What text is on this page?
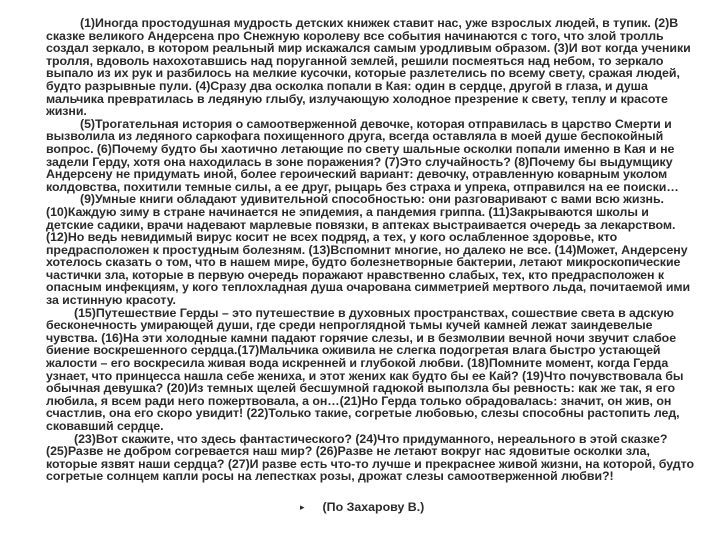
(1)Иногда простодушная мудрость детских книжек ставит нас, уже взрослых людей, в тупик. (2)В сказке великого Андерсена про Снежную королеву все события начинаются с того, что злой тролль создал зеркало, в котором реальный мир искажался самым уродливым образом. (3)И вот когда ученики тролля, вдоволь нахохотавшись над поруганной землей, решили посмеяться над небом, то зеркало выпало из их рук и разбилось на мелкие кусочки, которые разлетелись по всему свету, сражая людей, будто разрывные пули. (4)Сразу два осколка попали в Кая: один в сердце, другой в глаза, и душа мальчика превратилась в ледяную глыбу, излучающую холодное презрение к свету, теплу и красоте жизни.

(5)Трогательная история о самоотверженной девочке, которая отправилась в царство Смерти и вызволила из ледяного саркофага похищенного друга, всегда оставляла в моей душе беспокойный вопрос. (6)Почему будто бы хаотично летающие по свету шальные осколки попали именно в Кая и не задели Герду, хотя она находилась в зоне поражения? (7)Это случайность? (8)Почему бы выдумщику Андерсену не придумать иной, более героический вариант: девочку, отравленную коварным уколом колдовства, похитили темные силы, а ее друг, рыцарь без страха и упрека, отправился на ее поиски…

(9)Умные книги обладают удивительной способностью: они разговаривают с вами всю жизнь. (10)Каждую зиму в стране начинается не эпидемия, а пандемия гриппа. (11)Закрываются школы и детские садики, врачи надевают марлевые повязки, в аптеках выстраивается очередь за лекарством. (12)Но ведь невидимый вирус косит не всех подряд, а тех, у кого ослабленное здоровье, кто предрасположен к простудным болезням. (13)Вспомнит многие, но далеко не все. (14)Может, Андерсену хотелось сказать о том, что в нашем мире, будто болезнетворные бактерии, летают микроскопические частички зла, которые в первую очередь поражают нравственно слабых, тех, кто предрасположен к опасным инфекциям, у кого теплохладная душа очарована симметрией мертвого льда, почитаемой ими за истинную красоту.

(15)Путешествие Герды – это путешествие в духовных пространствах, сошествие света в адскую бесконечность умирающей души, где среди непроглядной тьмы кучей камней лежат заиндевелые чувства. (16)На эти холодные камни падают горячие слезы, и в безмолвии вечной ночи звучит слабое биение воскрешенного сердца.(17)Мальчика оживила не слегка подогретая влага быстро устающей жалости – его воскресила живая вода искренней и глубокой любви. (18)Помните момент, когда Герда узнает, что принцесса нашла себе жениха, и этот жених как будто бы ее Кай? (19)Что почувствовала бы обычная девушка? (20)Из темных щелей бесшумной гадюкой выползла бы ревность: как же так, я его любила, я всем ради него пожертвовала, а он…(21)Но Герда только обрадовалась: значит, он жив, он счастлив, она его скоро увидит! (22)Только такие, согретые любовью, слезы способны растопить лед, сковавший сердце.

(23)Вот скажите, что здесь фантастического? (24)Что придуманного, нереального в этой сказке? (25)Разве не добром согревается наш мир? (26)Разве не летают вокруг нас ядовитые осколки зла, которые язвят наши сердца? (27)И разве есть что-то лучше и прекраснее живой жизни, на которой, будто согретые солнцем капли росы на лепестках розы, дрожат слезы самоотверженной любви?!

▸ (По Захарову В.)
